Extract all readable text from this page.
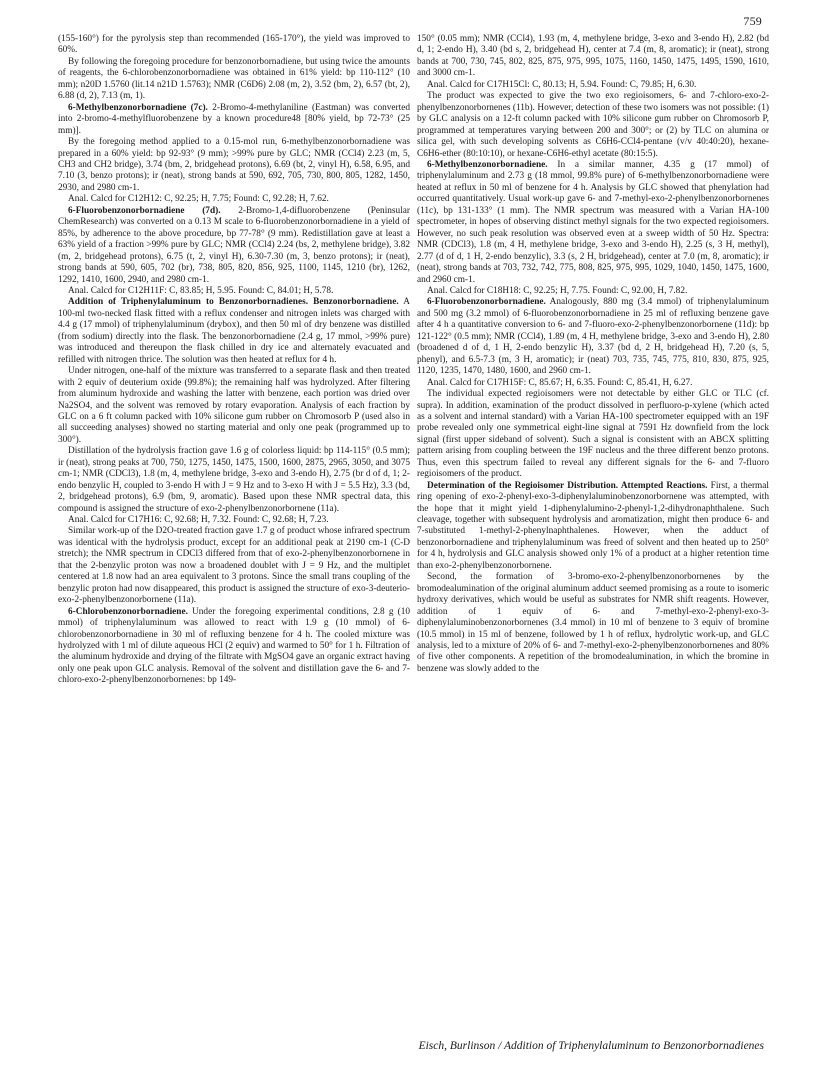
759

(155-160°) for the pyrolysis step than recommended (165-170°), the yield was improved to 60%.

By following the foregoing procedure for benzonorbornadiene, but using twice the amounts of reagents, the 6-chlorobenzonorbornadiene was obtained in 61% yield: bp 110-112° (10 mm); n20D 1.5760 (lit.14 n21D 1.5763); NMR (C6D6) 2.08 (m, 2), 3.52 (bm, 2), 6.57 (bt, 2), 6.88 (d, 2), 7.13 (m, 1).

6-Methylbenzonorbornadiene (7c). 2-Bromo-4-methylaniline (Eastman) was converted into 2-bromo-4-methylfluorobenzene by a known procedure48 [80% yield, bp 72-73° (25 mm)].

By the foregoing method applied to a 0.15-mol run, 6-methylbenzonorbornadiene was prepared in a 60% yield: bp 92-93° (9 mm); >99% pure by GLC; NMR (CCl4) 2.23 (m, 5, CH3 and CH2 bridge), 3.74 (bm, 2, bridgehead protons), 6.69 (bt, 2, vinyl H), 6.58, 6.95, and 7.10 (3, benzo protons); ir (neat), strong bands at 590, 692, 705, 730, 800, 805, 1282, 1450, 2930, and 2980 cm-1.

Anal. Calcd for C12H12: C, 92.25; H, 7.75; Found: C, 92.28; H, 7.62.

6-Fluorobenzonorbornadiene (7d). 2-Bromo-1,4-difluorobenzene (Peninsular ChemResearch) was converted on a 0.13 M scale to 6-fluorobenzonorbornadiene in a yield of 85%, by adherence to the above procedure, bp 77-78° (9 mm). Redistillation gave at least a 63% yield of a fraction >99% pure by GLC; NMR (CCl4) 2.24 (bs, 2, methylene bridge), 3.82 (m, 2, bridgehead protons), 6.75 (t, 2, vinyl H), 6.30-7.30 (m, 3, benzo protons); ir (neat), strong bands at 590, 605, 702 (br), 738, 805, 820, 856, 925, 1100, 1145, 1210 (br), 1262, 1292, 1410, 1600, 2940, and 2980 cm-1.

Anal. Calcd for C12H11F: C, 83.85; H, 5.95. Found: C, 84.01; H, 5.78.

Addition of Triphenylaluminum to Benzonorbornadienes. Benzonorbornadiene. A 100-ml two-necked flask fitted with a reflux condenser and nitrogen inlets was charged with 4.4 g (17 mmol) of triphenylaluminum (drybox), and then 50 ml of dry benzene was distilled (from sodium) directly into the flask. The benzonorbornadiene (2.4 g, 17 mmol, >99% pure) was introduced and thereupon the flask chilled in dry ice and alternately evacuated and refilled with nitrogen thrice. The solution was then heated at reflux for 4 h.

Under nitrogen, one-half of the mixture was transferred to a separate flask and then treated with 2 equiv of deuterium oxide (99.8%); the remaining half was hydrolyzed. After filtering from aluminum hydroxide and washing the latter with benzene, each portion was dried over Na2SO4, and the solvent was removed by rotary evaporation. Analysis of each fraction by GLC on a 6 ft column packed with 10% silicone gum rubber on Chromosorb P (used also in all succeeding analyses) showed no starting material and only one peak (programmed up to 300°).

Distillation of the hydrolysis fraction gave 1.6 g of colorless liquid: bp 114-115° (0.5 mm); ir (neat), strong peaks at 700, 750, 1275, 1450, 1475, 1500, 1600, 2875, 2965, 3050, and 3075 cm-1; NMR (CDCl3), 1.8 (m, 4, methylene bridge, 3-exo and 3-endo H), 2.75 (br d of d, 1; 2-endo benzylic H, coupled to 3-endo H with J = 9 Hz and to 3-exo H with J = 5.5 Hz), 3.3 (bd, 2, bridgehead protons), 6.9 (bm, 9, aromatic). Based upon these NMR spectral data, this compound is assigned the structure of exo-2-phenylbenzonorbornene (11a).

Anal. Calcd for C17H16: C, 92.68; H, 7.32. Found: C, 92.68; H, 7.23.

Similar work-up of the D2O-treated fraction gave 1.7 g of product whose infrared spectrum was identical with the hydrolysis product, except for an additional peak at 2190 cm-1 (C-D stretch); the NMR spectrum in CDCl3 differed from that of exo-2-phenylbenzonorbornene in that the 2-benzylic proton was now a broadened doublet with J = 9 Hz, and the multiplet centered at 1.8 now had an area equivalent to 3 protons. Since the small trans coupling of the benzylic proton had now disappeared, this product is assigned the structure of exo-3-deuterio-exo-2-phenylbenzonorbornene (11a).

6-Chlorobenzonorbornadiene. Under the foregoing experimental conditions, 2.8 g (10 mmol) of triphenylaluminum was allowed to react with 1.9 g (10 mmol) of 6-chlorobenzonorbornadiene in 30 ml of refluxing benzene for 4 h. The cooled mixture was hydrolyzed with 1 ml of dilute aqueous HCl (2 equiv) and warmed to 50° for 1 h. Filtration of the aluminum hydroxide and drying of the filtrate with MgSO4 gave an organic extract having only one peak upon GLC analysis. Removal of the solvent and distillation gave the 6- and 7-chloro-exo-2-phenylbenzonorbornenes: bp 149-

150° (0.05 mm); NMR (CCl4), 1.93 (m, 4, methylene bridge, 3-exo and 3-endo H), 2.82 (bd d, 1; 2-endo H), 3.40 (bd s, 2, bridgehead H), center at 7.4 (m, 8, aromatic); ir (neat), strong bands at 700, 730, 745, 802, 825, 875, 975, 995, 1075, 1160, 1450, 1475, 1495, 1590, 1610, and 3000 cm-1.

Anal. Calcd for C17H15Cl: C, 80.13; H, 5.94. Found: C, 79.85; H, 6.30.

The product was expected to give the two exo regioisomers, 6- and 7-chloro-exo-2-phenylbenzonorbornenes (11b). However, detection of these two isomers was not possible: (1) by GLC analysis on a 12-ft column packed with 10% silicone gum rubber on Chromosorb P, programmed at temperatures varying between 200 and 300°; or (2) by TLC on alumina or silica gel, with such developing solvents as C6H6-CCl4-pentane (v/v 40:40:20), hexane-C6H6-ether (80:10:10), or hexane-C6H6-ethyl acetate (80:15:5).

6-Methylbenzonorbornadiene. In a similar manner, 4.35 g (17 mmol) of triphenylaluminum and 2.73 g (18 mmol, 99.8% pure) of 6-methylbenzonorbornadiene were heated at reflux in 50 ml of benzene for 4 h. Analysis by GLC showed that phenylation had occurred quantitatively. Usual work-up gave 6- and 7-methyl-exo-2-phenylbenzonorbornenes (11c), bp 131-133° (1 mm). The NMR spectrum was measured with a Varian HA-100 spectrometer, in hopes of observing distinct methyl signals for the two expected regioisomers. However, no such peak resolution was observed even at a sweep width of 50 Hz. Spectra: NMR (CDCl3), 1.8 (m, 4 H, methylene bridge, 3-exo and 3-endo H), 2.25 (s, 3 H, methyl), 2.77 (d of d, 1 H, 2-endo benzylic), 3.3 (s, 2 H, bridgehead), center at 7.0 (m, 8, aromatic); ir (neat), strong bands at 703, 732, 742, 775, 808, 825, 975, 995, 1029, 1040, 1450, 1475, 1600, and 2960 cm-1.

Anal. Calcd for C18H18: C, 92.25; H, 7.75. Found: C, 92.00, H, 7.82.

6-Fluorobenzonorbornadiene. Analogously, 880 mg (3.4 mmol) of triphenylaluminum and 500 mg (3.2 mmol) of 6-fluorobenzonorbornadiene in 25 ml of refluxing benzene gave after 4 h a quantitative conversion to 6- and 7-fluoro-exo-2-phenylbenzonorbornene (11d): bp 121-122° (0.5 mm); NMR (CCl4), 1.89 (m, 4 H, methylene bridge, 3-exo and 3-endo H), 2.80 (broadened d of d, 1 H, 2-endo benzylic H), 3.37 (bd d, 2 H, bridgehead H), 7.20 (s, 5, phenyl), and 6.5-7.3 (m, 3 H, aromatic); ir (neat) 703, 735, 745, 775, 810, 830, 875, 925, 1120, 1235, 1470, 1480, 1600, and 2960 cm-1.

Anal. Calcd for C17H15F: C, 85.67; H, 6.35. Found: C, 85.41, H, 6.27.

The individual expected regioisomers were not detectable by either GLC or TLC (cf. supra). In addition, examination of the product dissolved in perfluoro-p-xylene (which acted as a solvent and internal standard) with a Varian HA-100 spectrometer equipped with an 19F probe revealed only one symmetrical eight-line signal at 7591 Hz downfield from the lock signal (first upper sideband of solvent). Such a signal is consistent with an ABCX splitting pattern arising from coupling between the 19F nucleus and the three different benzo protons. Thus, even this spectrum failed to reveal any different signals for the 6- and 7-fluoro regioisomers of the product.

Determination of the Regioisomer Distribution. Attempted Reactions. First, a thermal ring opening of exo-2-phenyl-exo-3-diphenylaluminobenzonorbornene was attempted, with the hope that it might yield 1-diphenylalumino-2-phenyl-1,2-dihydronaphthalene. Such cleavage, together with subsequent hydrolysis and aromatization, might then produce 6- and 7-substituted 1-methyl-2-phenylnaphthalenes. However, when the adduct of benzonorbornadiene and triphenylaluminum was freed of solvent and then heated up to 250° for 4 h, hydrolysis and GLC analysis showed only 1% of a product at a higher retention time than exo-2-phenylbenzonorbornene.

Second, the formation of 3-bromo-exo-2-phenylbenzonorbornenes by the bromodealumination of the original aluminum adduct seemed promising as a route to isomeric hydroxy derivatives, which would be useful as substrates for NMR shift reagents. However, addition of 1 equiv of 6- and 7-methyl-exo-2-phenyl-exo-3-diphenylaluminobenzonorbornenes (3.4 mmol) in 10 ml of benzene to 3 equiv of bromine (10.5 mmol) in 15 ml of benzene, followed by 1 h of reflux, hydrolytic work-up, and GLC analysis, led to a mixture of 20% of 6- and 7-methyl-exo-2-phenylbenzonorbornenes and 80% of five other components. A repetition of the bromodealumination, in which the bromine in benzene was slowly added to the

Eisch, Burlinson / Addition of Triphenylaluminum to Benzonorbornadienes
